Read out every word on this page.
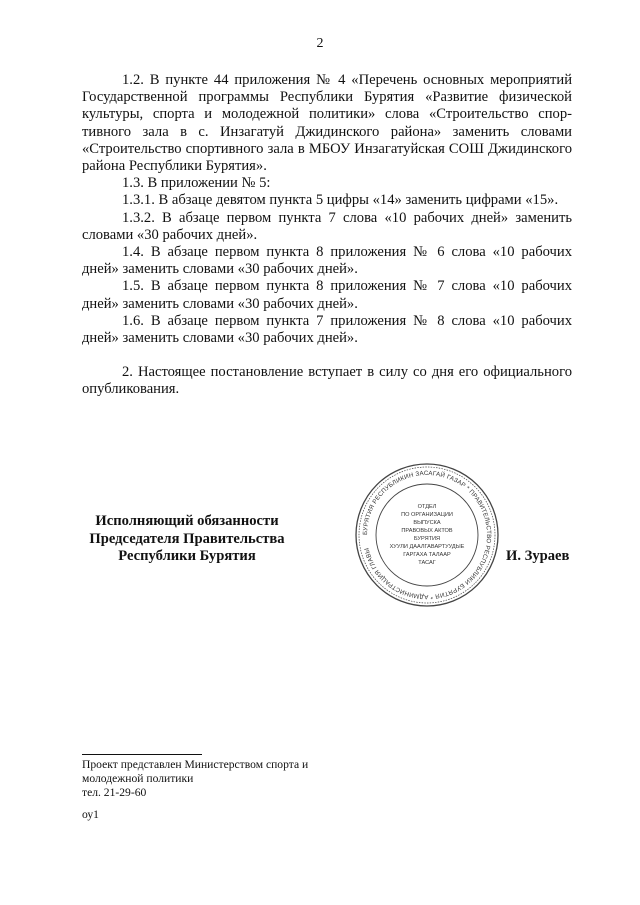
2

1.2. В пункте 44 приложения № 4 «Перечень основных мероприятий Государственной программы Республики Бурятия «Развитие физической культуры, спорта и молодежной политики» слова «Строительство спортивного зала в с. Инзагатуй Джидинского района» заменить словами «Строительство спортивного зала в МБОУ Инзагатуйская СОШ Джидинского района Республики Бурятия».

1.3. В приложении № 5:

1.3.1. В абзаце девятом пункта 5 цифры «14» заменить цифрами «15».

1.3.2. В абзаце первом пункта 7 слова «10 рабочих дней» заменить словами «30 рабочих дней».

1.4. В абзаце первом пункта 8 приложения № 6 слова «10 рабочих дней» заменить словами «30 рабочих дней».

1.5. В абзаце первом пункта 8 приложения № 7 слова «10 рабочих дней» заменить словами «30 рабочих дней».

1.6. В абзаце первом пункта 7 приложения № 8 слова «10 рабочих дней» заменить словами «30 рабочих дней».

2. Настоящее постановление вступает в силу со дня его официального опубликования.

Исполняющий обязанности
Председателя Правительства
Республики Бурятия
БУРЯТИЯ РЕСПУБЛИКИН ЗАСАГАЙ ГАЗАР * ПРАВИТЕЛЬСТВО РЕСПУБЛИКИ БУРЯТИЯ * АДМИНИСТРАЦИЯ ГЛАВЫ
ОТДЕЛ
ПО ОРГАНИЗАЦИИ
ВЫПУСКА
ПРАВОВЫХ АКТОВ
БУРЯТИЯ
ХУУЛИ ДААЛГАВАРТУУДЫЕ
ГАРГАХА ТАЛААР
ТАСАГ	И. Зураев
Проект представлен Министерством спорта и
молодежной политики
тел. 21-29-60
оу1
